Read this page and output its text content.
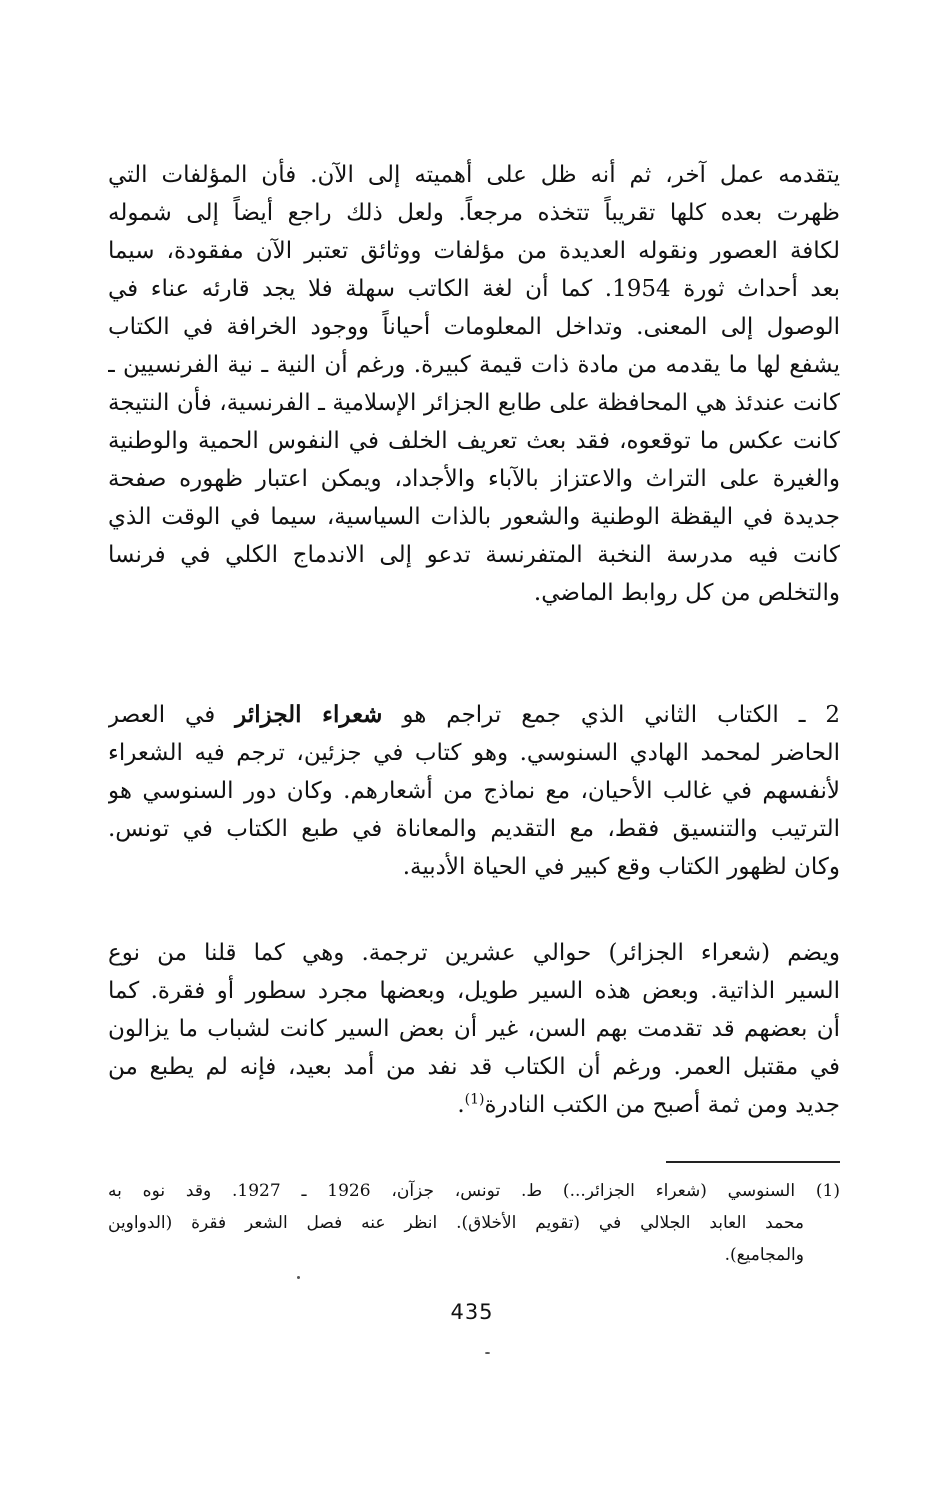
يتقدمه عمل آخر، ثم أنه ظل على أهميته إلى الآن. فأن المؤلفات التي
ظهرت بعده كلها تقريباً تتخذه مرجعاً. ولعل ذلك راجع أيضاً إلى شموله
لكافة العصور ونقوله العديدة من مؤلفات ووثائق تعتبر الآن مفقودة، سيما
بعد أحداث ثورة 1954. كما أن لغة الكاتب سهلة فلا يجد قارئه عناء في
الوصول إلى المعنى. وتداخل المعلومات أحياناً ووجود الخرافة في الكتاب
يشفع لها ما يقدمه من مادة ذات قيمة كبيرة. ورغم أن النية ـ نية الفرنسيين ـ
كانت عندئذ هي المحافظة على طابع الجزائر الإسلامية ـ الفرنسية، فأن النتيجة
كانت عكس ما توقعوه، فقد بعث تعريف الخلف في النفوس الحمية والوطنية
والغيرة على التراث والاعتزاز بالآباء والأجداد، ويمكن اعتبار ظهوره صفحة
جديدة في اليقظة الوطنية والشعور بالذات السياسية، سيما في الوقت الذي
كانت فيه مدرسة النخبة المتفرنسة تدعو إلى الاندماج الكلي في فرنسا
والتخلص من كل روابط الماضي.
2 ـ الكتاب الثاني الذي جمع تراجم هو شعراء الجزائر في العصر
الحاضر لمحمد الهادي السنوسي. وهو كتاب في جزئين، ترجم فيه الشعراء
لأنفسهم في غالب الأحيان، مع نماذج من أشعارهم. وكان دور السنوسي هو
الترتيب والتنسيق فقط، مع التقديم والمعاناة في طبع الكتاب في تونس.
وكان لظهور الكتاب وقع كبير في الحياة الأدبية.
ويضم (شعراء الجزائر) حوالي عشرين ترجمة. وهي كما قلنا من نوع
السير الذاتية. وبعض هذه السير طويل، وبعضها مجرد سطور أو فقرة. كما
أن بعضهم قد تقدمت بهم السن، غير أن بعض السير كانت لشباب ما يزالون
في مقتبل العمر. ورغم أن الكتاب قد نفد من أمد بعيد، فإنه لم يطبع من
جديد ومن ثمة أصبح من الكتب النادرة$^{(1)}$.
(1) السنوسي (شعراء الجزائر...) ط. تونس، جزآن، 1926 ـ 1927. وقد نوه به
محمد العابد الجلالي في (تقويم الأخلاق). انظر عنه فصل الشعر فقرة (الدواوين
والمجاميع).
435
